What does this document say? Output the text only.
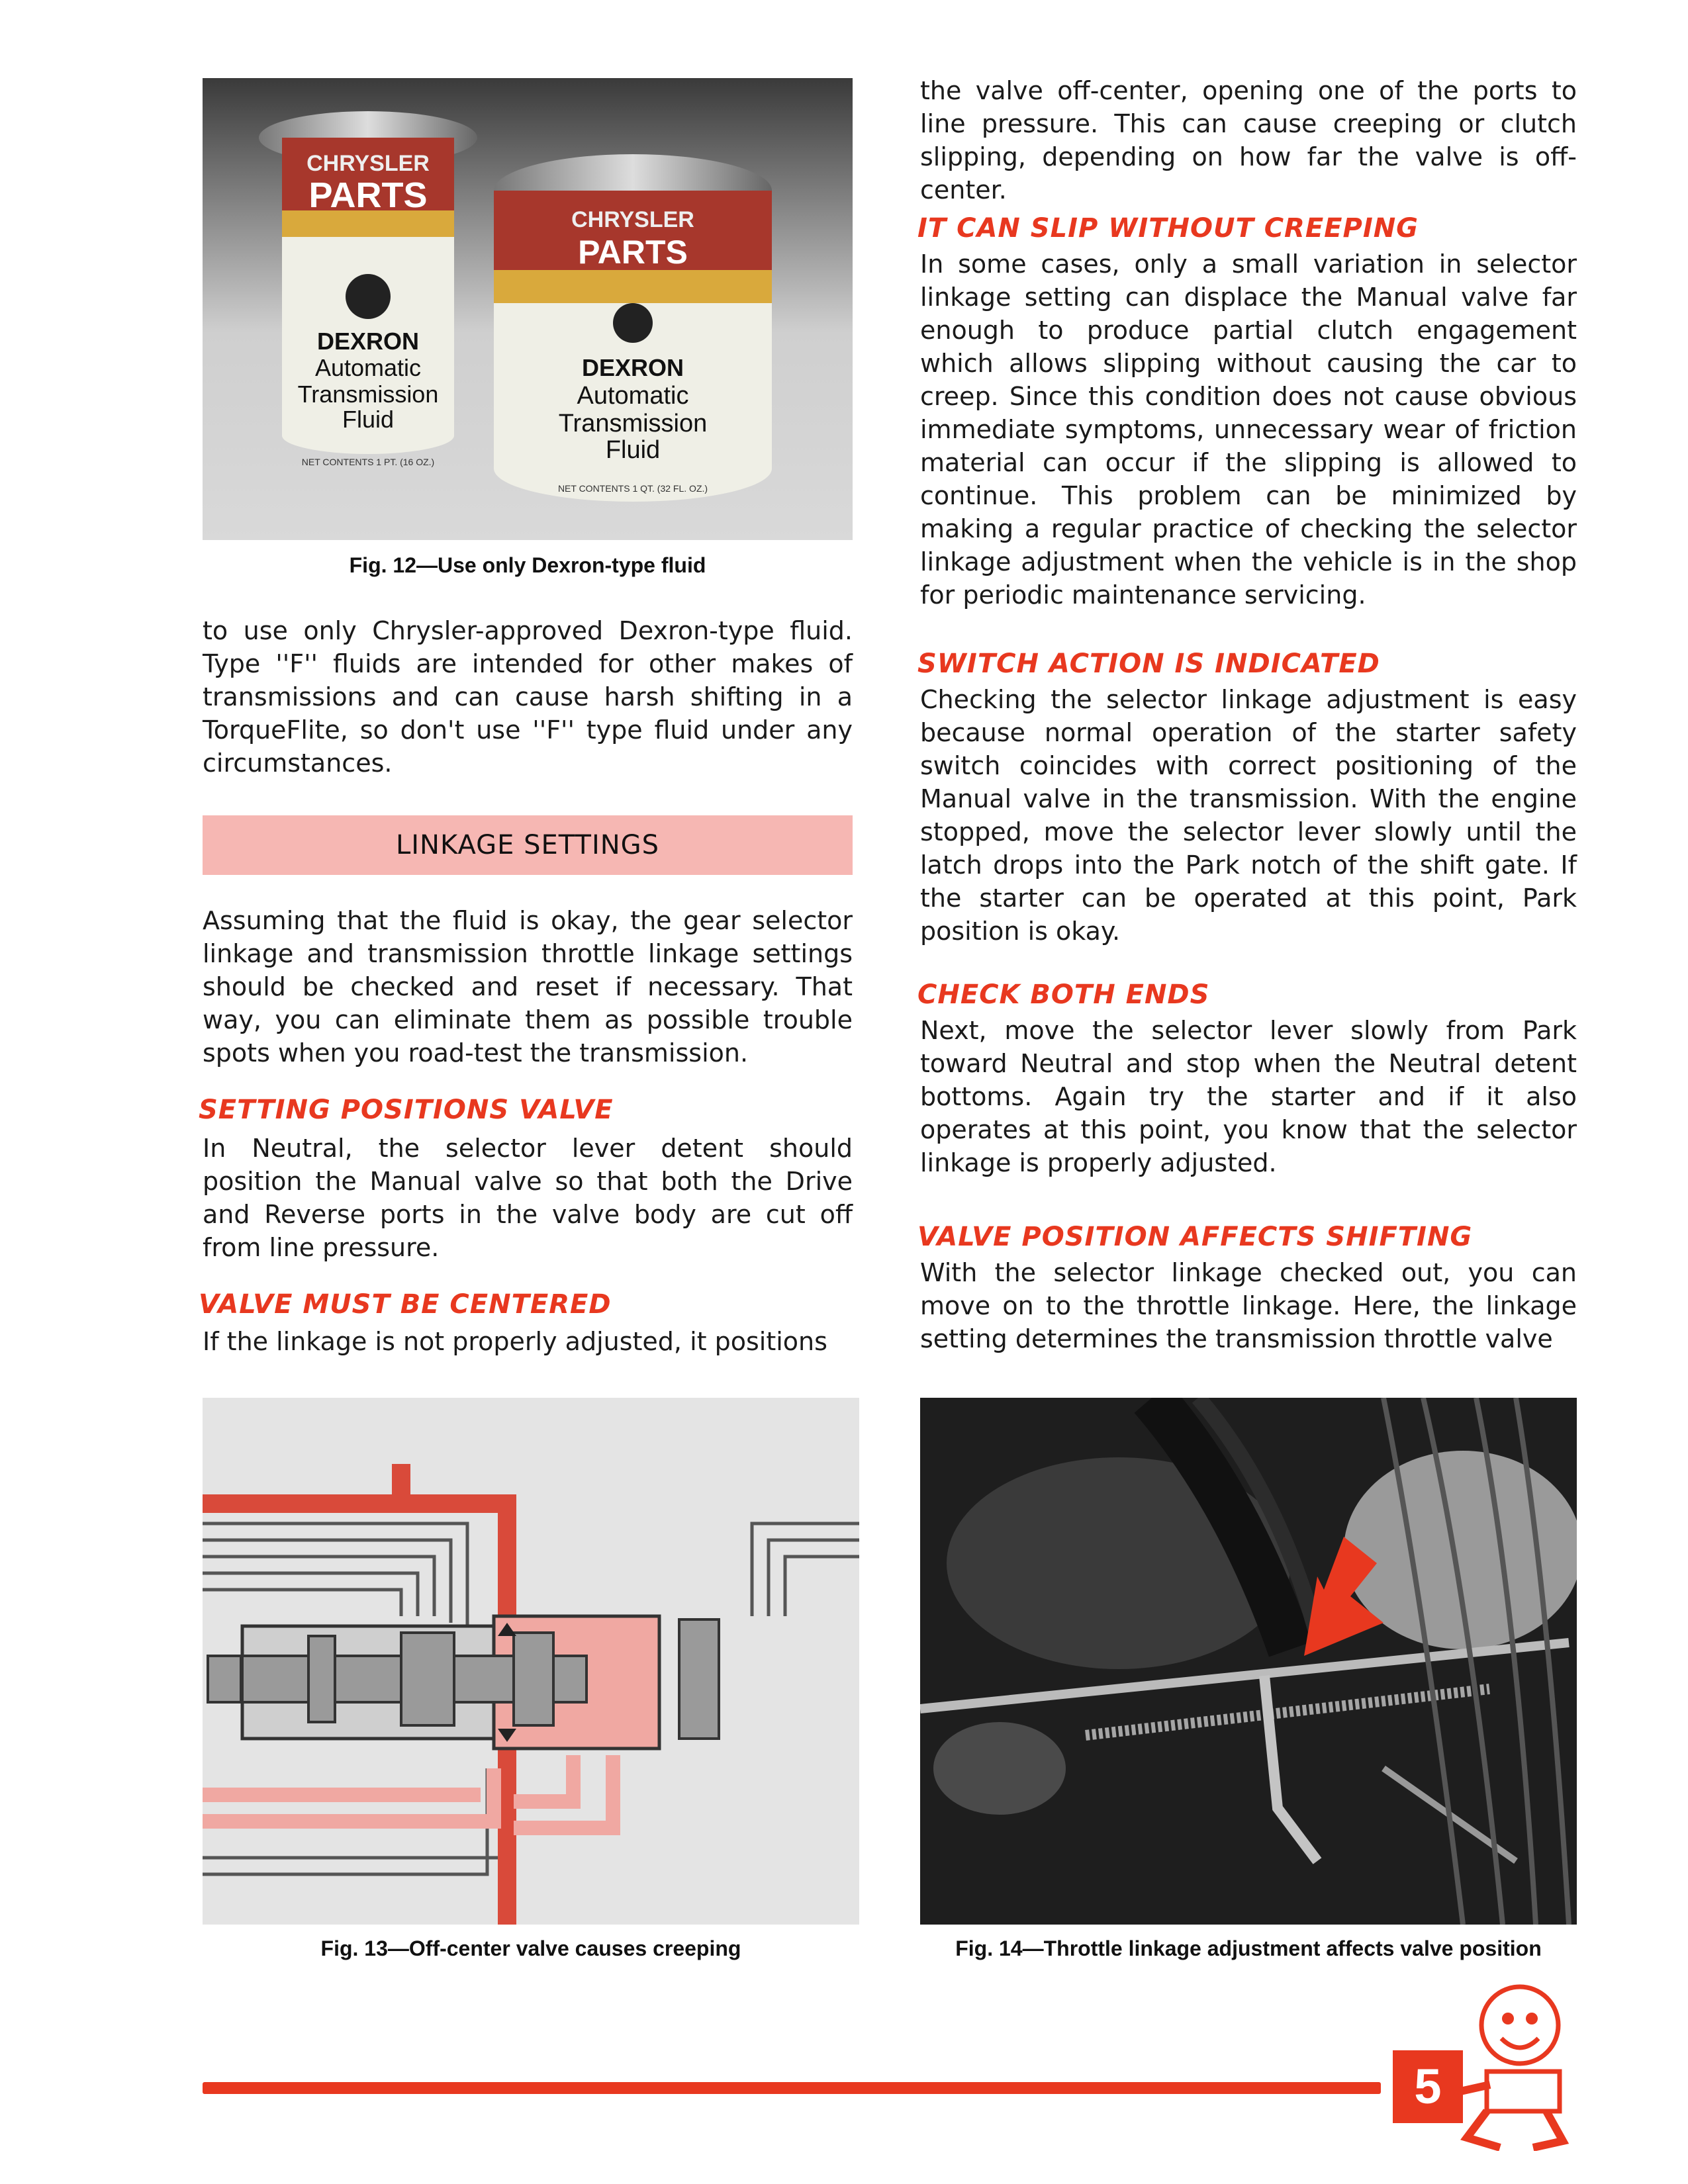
CHRYSLER
PARTS
DEXRON
Automatic
Transmission
Fluid
NET CONTENTS 1 PT. (16 OZ.)
CHRYSLER
PARTS
DEXRON
Automatic
Transmission
Fluid
NET CONTENTS 1 QT. (32 FL. OZ.)
Fig. 12—Use only Dexron-type fluid

to use only Chrysler-approved Dexron-type fluid. Type ''F'' fluids are intended for other makes of transmissions and can cause harsh shifting in a TorqueFlite, so don't use ''F'' type fluid under any circumstances.

LINKAGE SETTINGS

Assuming that the fluid is okay, the gear selector linkage and transmission throttle linkage settings should be checked and reset if necessary. That way, you can eliminate them as possible trouble spots when you road-test the transmission.

SETTING POSITIONS VALVE

In Neutral, the selector lever detent should position the Manual valve so that both the Drive and Reverse ports in the valve body are cut off from line pressure.

VALVE MUST BE CENTERED

If the linkage is not properly adjusted, it positions

the valve off-center, opening one of the ports to line pressure. This can cause creeping or clutch slipping, depending on how far the valve is off-center.

IT CAN SLIP WITHOUT CREEPING

In some cases, only a small variation in selector linkage setting can displace the Manual valve far enough to produce partial clutch engagement which allows slipping without causing the car to creep. Since this condition does not cause obvious immediate symptoms, unnecessary wear of friction material can occur if the slipping is allowed to continue. This problem can be minimized by making a regular practice of checking the selector linkage adjustment when the vehicle is in the shop for periodic maintenance servicing.

SWITCH ACTION IS INDICATED

Checking the selector linkage adjustment is easy because normal operation of the starter safety switch coincides with correct positioning of the Manual valve in the transmission. With the engine stopped, move the selector lever slowly until the latch drops into the Park notch of the shift gate. If the starter can be operated at this point, Park position is okay.

CHECK BOTH ENDS

Next, move the selector lever slowly from Park toward Neutral and stop when the Neutral detent bottoms. Again try the starter and if it also operates at this point, you know that the selector linkage is properly adjusted.

VALVE POSITION AFFECTS SHIFTING

With the selector linkage checked out, you can move on to the throttle linkage. Here, the linkage setting determines the transmission throttle valve

Fig. 13—Off-center valve causes creeping	Fig. 14—Throttle linkage adjustment affects valve position
5
